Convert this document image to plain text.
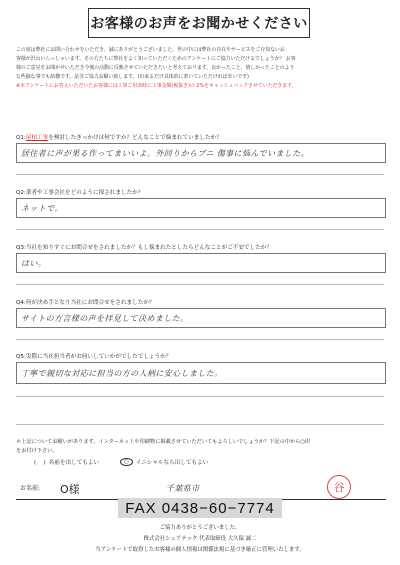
お客様のお声をお聞かせください
この度は弊社にお問い合わせをいただき、誠にありがとうございました。世の中には弊社の存在やサービスをご存知ないお
客様が沢山いらっしゃいます。その方たちに弊社をよく知っていただくためのアンケートにご協力いただけるでしょうか？ お客
様のご意見をお聞かせいただき今後の活動に反映させていただきたいと考えております。良かったこと、嬉しかったことのよう
な些細な事でも結構です。是非ご協力お願い致します。(出来るだけ具体的に書いていただければ幸いです)
※本アンケートにお答えいただいたお客様には工事ご用命時に工事金額(税抜き)の 2%をキャッシュバックさせていただきます。
Q1:屋根工事を検討したきっかけは何ですか？どんなことで悩まれていましたか？
居住者に声が果る作ってまいいよ。外回りからブニ 傷事に悩んでいました。
Q2:業者や工事会社をどのように探されましたか？
ネットで。
Q3:当社を知りすぐにお問合せをされましたか？もし悩まれたとしたらどんなことがご不安でしたか？
はい。
Q4:何が決め手となり当社にお問合せをされましたか？
サイトの方言様の声を拝見して決めました。
Q5:実際に当社担当者がお伺いしていかがでしたでしょうか？
丁寧で親切な対応に担当の方の人柄に安心しました。
＊上記についてお願いがあります。インターネットや印刷物に掲載させていただいてもよろしいでしょうか？下記の中から○印
をお付け下さい。
(　 ) 名前を出してもよい	○	イニシャルなら出してもよい
お名前: O様	千葉県市	谷
FAX 0438−60−7774
ご協力ありがとうございました。
株式会社シェアテック 代表取締役 大久保 誠二
当アンケートで取得したお客様の個人情報は関係法規に基づき厳正に管理いたします。
